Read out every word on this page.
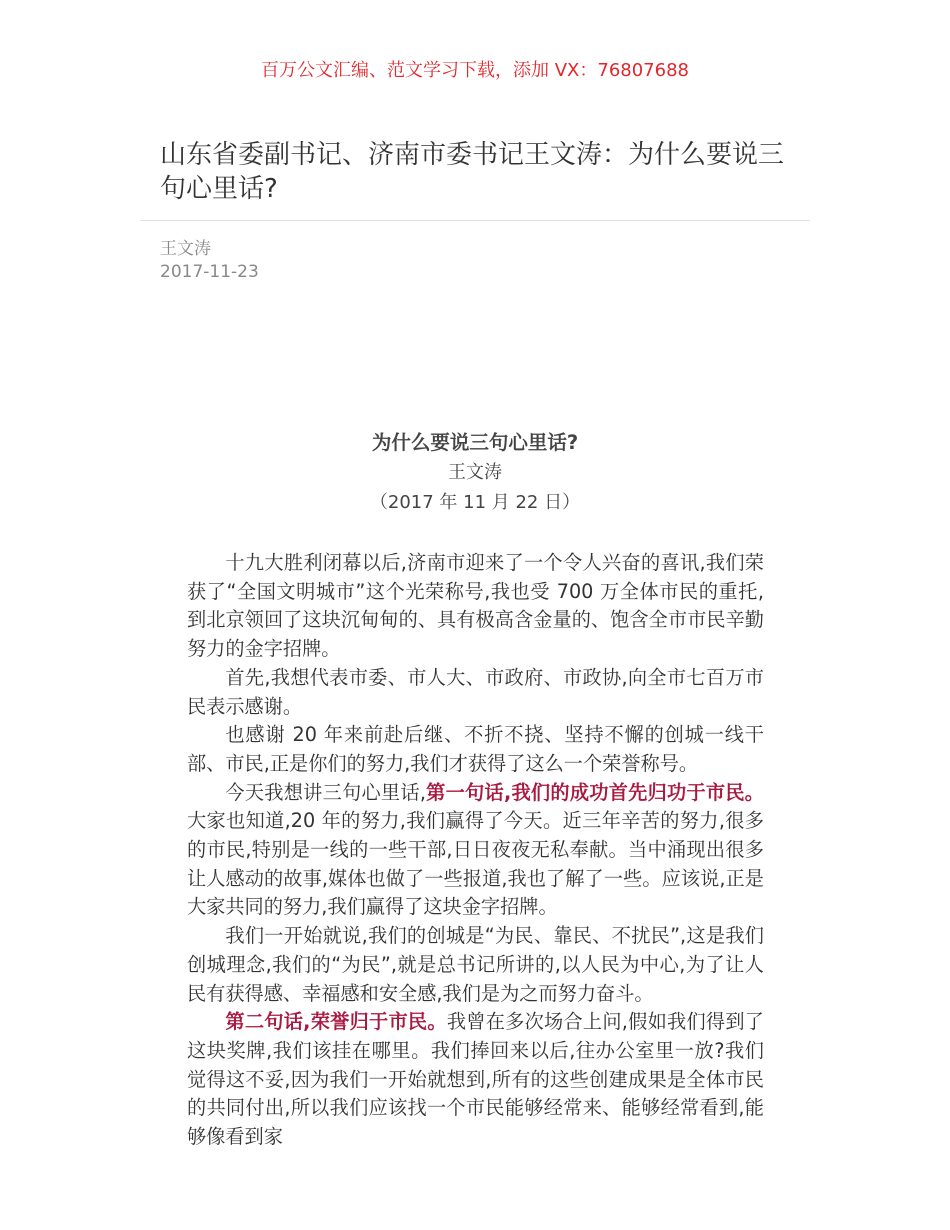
百万公文汇编、范文学习下载，添加 VX：76807688
山东省委副书记、济南市委书记王文涛：为什么要说三句心里话?
王文涛
2017-11-23
为什么要说三句心里话?
王文涛
（2017 年 11 月 22 日）

十九大胜利闭幕以后,济南市迎来了一个令人兴奋的喜讯,我们荣获了“全国文明城市”这个光荣称号,我也受 700 万全体市民的重托,到北京领回了这块沉甸甸的、具有极高含金量的、饱含全市市民辛勤努力的金字招牌。

首先,我想代表市委、市人大、市政府、市政协,向全市七百万市民表示感谢。

也感谢 20 年来前赴后继、不折不挠、坚持不懈的创城一线干部、市民,正是你们的努力,我们才获得了这么一个荣誉称号。

今天我想讲三句心里话,第一句话,我们的成功首先归功于市民。大家也知道,20 年的努力,我们赢得了今天。近三年辛苦的努力,很多的市民,特别是一线的一些干部,日日夜夜无私奉献。当中涌现出很多让人感动的故事,媒体也做了一些报道,我也了解了一些。应该说,正是大家共同的努力,我们赢得了这块金字招牌。

我们一开始就说,我们的创城是“为民、靠民、不扰民”,这是我们创城理念,我们的“为民”,就是总书记所讲的,以人民为中心,为了让人民有获得感、幸福感和安全感,我们是为之而努力奋斗。

第二句话,荣誉归于市民。我曾在多次场合上问,假如我们得到了这块奖牌,我们该挂在哪里。我们捧回来以后,往办公室里一放?我们觉得这不妥,因为我们一开始就想到,所有的这些创建成果是全体市民的共同付出,所以我们应该找一个市民能够经常来、能够经常看到,能够像看到家
